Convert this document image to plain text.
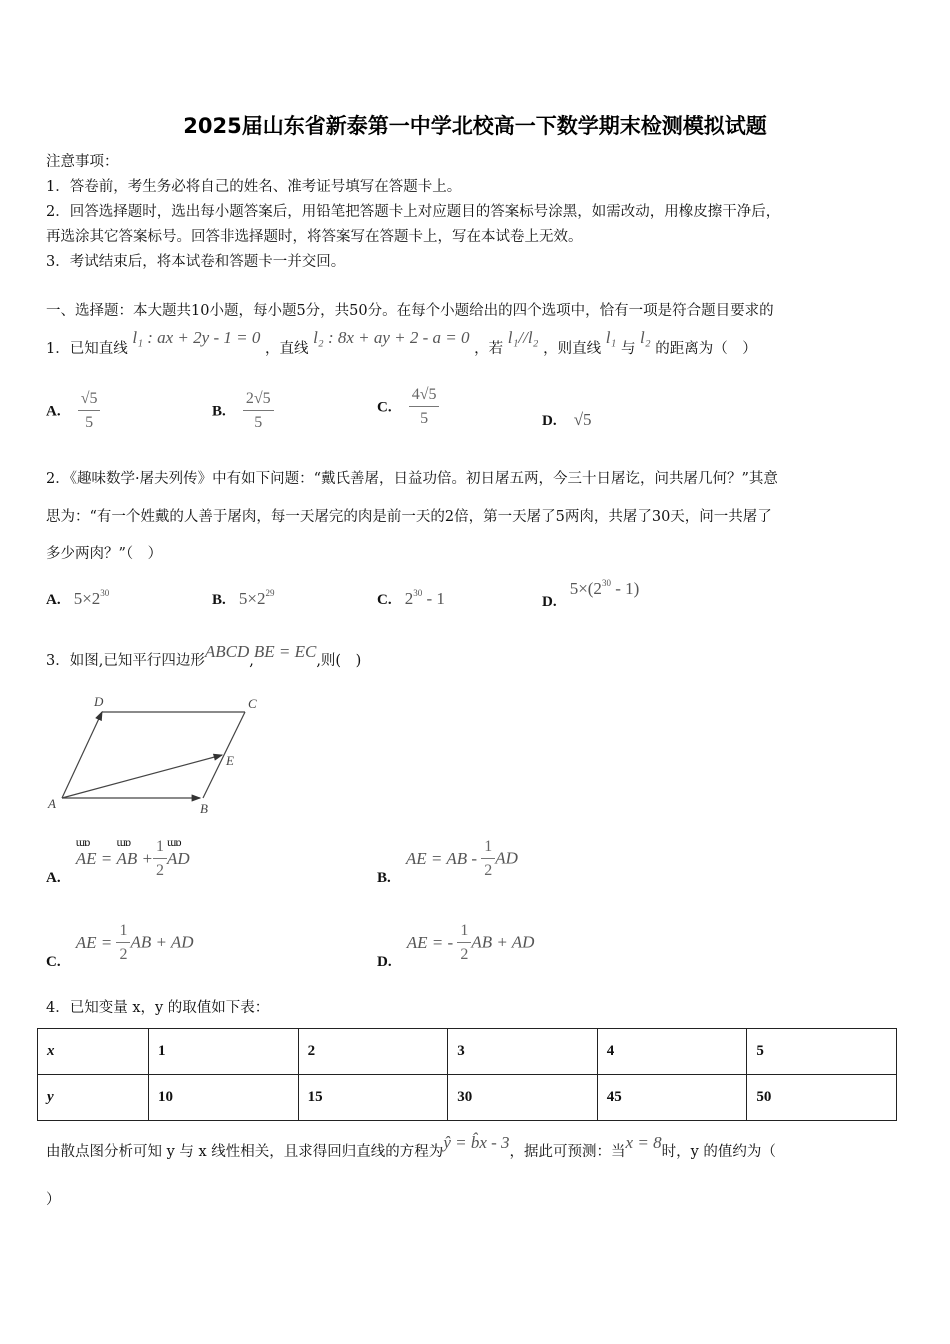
2025届山东省新泰第一中学北校高一下数学期末检测模拟试题
注意事项：
1．答卷前，考生务必将自己的姓名、准考证号填写在答题卡上。
2．回答选择题时，选出每小题答案后，用铅笔把答题卡上对应题目的答案标号涂黑，如需改动，用橡皮擦干净后，
再选涂其它答案标号。回答非选择题时，将答案写在答题卡上，写在本试卷上无效。
3．考试结束后，将本试卷和答题卡一并交回。
一、选择题：本大题共10小题，每小题5分，共50分。在每个小题给出的四个选项中，恰有一项是符合题目要求的
1．已知直线 l₁ : ax + 2y - 1 = 0 ，直线 l₂ : 8x + ay + 2 - a = 0 ，若 l₁//l₂ ，则直线 l₁ 与 l₂ 的距离为（　）
A. $\frac{√5}{5}$	B. $\frac{2√5}{5}$	C. $\frac{4√5}{5}$	D. √5
2．《趣味数学·屠夫列传》中有如下问题：“戴氏善屠，日益功倍。初日屠五两，今三十日屠讫，问共屠几何？”其意
思为：“有一个姓戴的人善于屠肉，每一天屠完的肉是前一天的2倍，第一天屠了5两肉，共屠了30天，问一共屠了
多少两肉？”（　）
A. $5\times 2^{30}$	B. $5\times 2^{29}$	C. $2^{30} - 1$	D. $5\times(2^{30} - 1)$
3．如图,已知平行四边形ABCD,BE = EC,则(　)
D	C
E
A	B
A. ɯɒ AE = ɯɒ AB + $\frac{1}{2}$ ɯɒ AD
B. AE = AB - $\frac{1}{2}$ AD
C. AE = $\frac{1}{2}$ AB + AD
D. AE = - $\frac{1}{2}$ AB + AD
4．已知变量 x，y 的取值如下表：
x	1	2	3	4	5
y	10	15	30	45	50
由散点图分析可知 y 与 x 线性相关，且求得回归直线的方程为ŷ = b̂x - 3，据此可预测：当x = 8时，y 的值约为（
）
